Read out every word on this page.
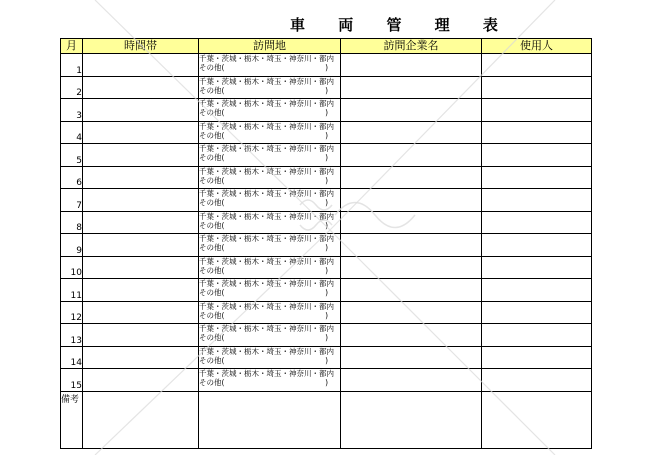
車 両 管 理 表
月	時間帯	訪問地	訪問企業名	使用人
1		千葉・茨城・栃木・埼玉・神奈川・都内
その他( )		

2		千葉・茨城・栃木・埼玉・神奈川・都内
その他( )		

3		千葉・茨城・栃木・埼玉・神奈川・都内
その他( )		

4		千葉・茨城・栃木・埼玉・神奈川・都内
その他( )		

5		千葉・茨城・栃木・埼玉・神奈川・都内
その他( )		

6		千葉・茨城・栃木・埼玉・神奈川・都内
その他( )		

7		千葉・茨城・栃木・埼玉・神奈川・都内
その他( )		

8		千葉・茨城・栃木・埼玉・神奈川・都内
その他( )		

9		千葉・茨城・栃木・埼玉・神奈川・都内
その他( )		

10		千葉・茨城・栃木・埼玉・神奈川・都内
その他( )		

11		千葉・茨城・栃木・埼玉・神奈川・都内
その他( )		

12		千葉・茨城・栃木・埼玉・神奈川・都内
その他( )		

13		千葉・茨城・栃木・埼玉・神奈川・都内
その他( )		

14		千葉・茨城・栃木・埼玉・神奈川・都内
その他( )		

15		千葉・茨城・栃木・埼玉・神奈川・都内
その他( )		

備考				
